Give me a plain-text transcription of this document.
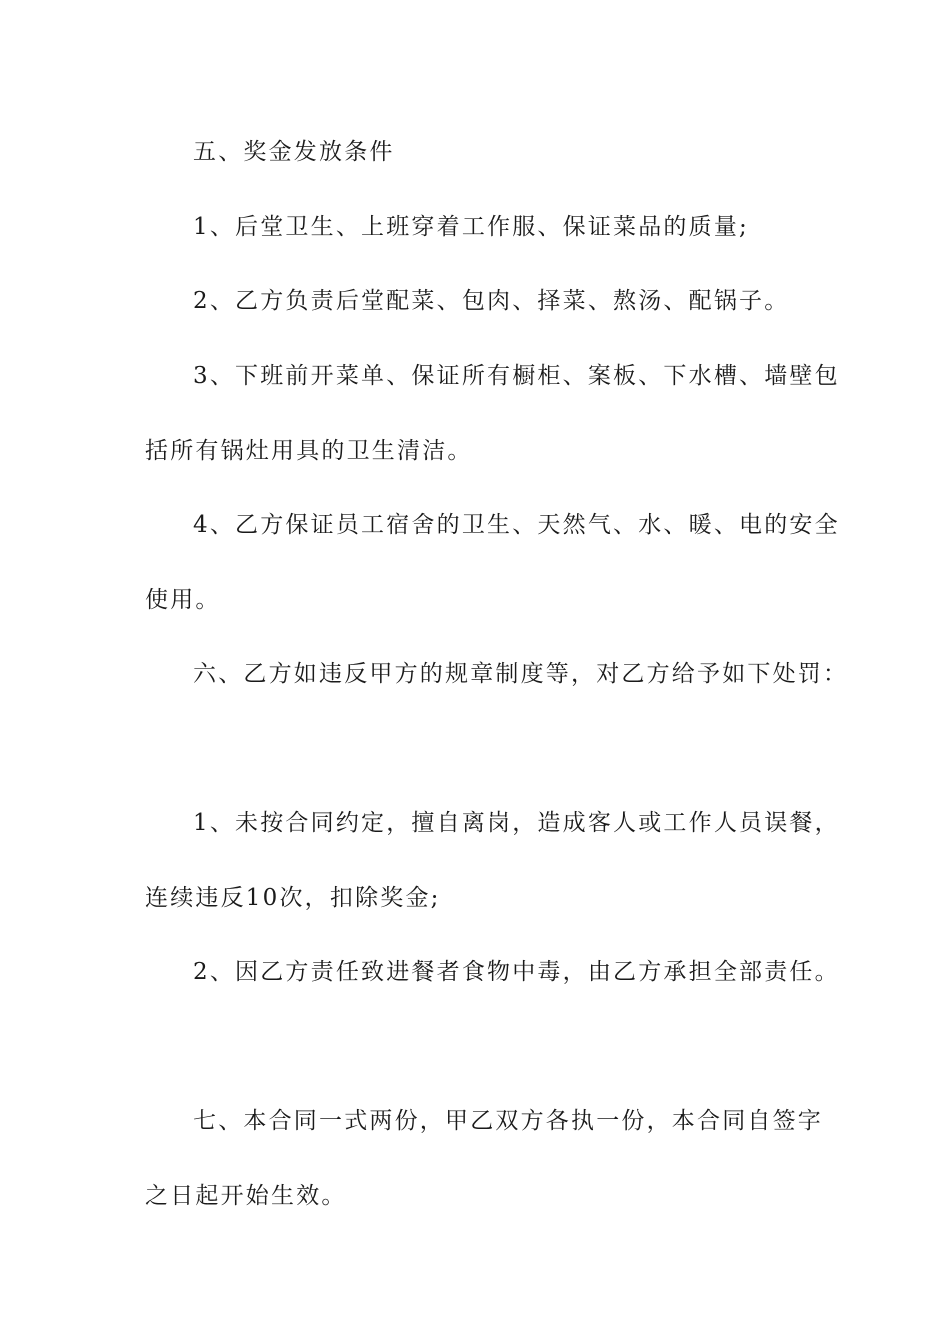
五、奖金发放条件
1、后堂卫生、上班穿着工作服、保证菜品的质量;
2、乙方负责后堂配菜、包肉、择菜、熬汤、配锅子。
3、下班前开菜单、保证所有橱柜、案板、下水槽、墙壁包
括所有锅灶用具的卫生清洁。
4、乙方保证员工宿舍的卫生、天然气、水、暖、电的安全
使用。
六、乙方如违反甲方的规章制度等，对乙方给予如下处罚：
1、未按合同约定，擅自离岗，造成客人或工作人员误餐，
连续违反10次，扣除奖金;
2、因乙方责任致进餐者食物中毒，由乙方承担全部责任。
七、本合同一式两份，甲乙双方各执一份，本合同自签字
之日起开始生效。
